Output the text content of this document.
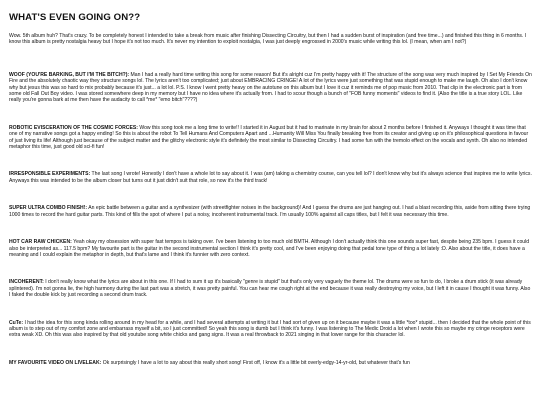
WHAT'S EVEN GOING ON??

Wow. 5th album huh? That's crazy. To be completely honest I intended to take a break from music after finishing Dissecting Circuitry, but then I had a sudden burst of inspiration (and free time...) and finished this thing in 6 months. I know this album is pretty nostalgia heavy but I hope it's not too much. It's never my intention to exploit nostalgia, I was just deeply engrossed in 2000's music while writing this lol. (I mean, when am I not?)

WOOF (YOU'RE BARKING, BUT I'M THE BITCH?): Man I had a really hard time writing this song for some reason! But it's alright cuz I'm pretty happy with it! The structure of the song was very much inspired by I Set My Friends On Fire and the absolutely chaotic way they structure songs lol. The lyrics aren't too complicated; just about EMBRACING CRINGE! A lot of the lyrics were just something that was stupid enough to make me laugh. Oh also I don't know why but jesus this was so hard to mix probably because it's just... a lot lol. P.S. I know I went pretty heavy on the autotune on this album but I love it cuz it reminds me of pop music from 2010. That clip in the electronic part is from some old Fall Out Boy video. I was stored somewhere deep in my memory but I have no idea where it's actually from. I had to scour though a bunch of "FOB funny moments" videos to find it. (Also the title is a true story LOL. Like really you're gonna bark at me then have the audacity to call *me* "emo bitch"????)

ROBOTIC EVISCERATION OF THE COSMIC FORCES: Wow this song took me a long time to write!! I started it in August but it had to marinate in my brain for about 2 months before I finished it. Anyways I thought it was time that one of my narrative songs got a happy ending! So this is about the robot To Tell Humans And Computers Apart and ...Humanity Will Miss You finally breaking free from its creator and giving up on it's philosophical questions in favour of just living its life! Although just because of the subject matter and the glitchy electronic style it's definitely the most similar to Dissecting Circuitry. I had some fun with the tremolo effect on the vocals and synth. Oh also no intended metaphor this time, just good old sci-fi fun!

IRRESPONSIBLE EXPERIMENTS: The last song I wrote! Honestly I don't have a whole lot to say about it. I was (am) taking a chemistry course, can you tell lol? I don't know why but it's always science that inspires me to write lyrics. Anyways this was intended to be the album closer but turns out it just didn't suit that role, so now it's the third track!

SUPER ULTRA COMBO FINISH!: An epic battle between a guitar and a synthesizer (with streetfighter noises in the background)! And I guess the drums are just hanging out. I had a blast recording this, aside from sitting there trying 1000 times to record the hard guitar parts. This kind of fills the spot of where I put a noisy, incoherent instrumental track. I'm usually 100% against all caps titles, but I felt it was necessary this time.

HOT CAR RAW CHICKEN: Yeah okay my obsession with super fast tempos is taking over. I've been listening to too much old BMTH. Although I don't actually think this one sounds super fast, despite being 235 bpm. I guess it could also be interpreted as... 117.5 bpm? My favourite part is the guitar in the second instrumental section I think it's pretty cool, and I've been enjoying doing that pedal tone type of thing a lot lately :D. Also about the title, it does have a meaning and I could explain the metaphor in depth, but that's lame and I think it's funnier with zero context.

INCOHERENT: I don't really know what the lyrics are about in this one. If I had to sum it up it's basically "genre is stupid" but that's only very vaguely the theme lol. The drums were so fun to do, I broke a drum stick (it was already splintered). I'm not gonna lie, the high harmony during the last part was a stretch, it was pretty painful. You can hear me cough right at the end because it was really destroying my voice, but I left it in cause I thought it was funny. Also I faked the double kick by just recording a second drum track.

CuTe: I had the idea for this song kinda rolling around in my head for a while, and I had several attempts at writing it but I had sort of given up on it because maybe it was a little *too* stupid... then I decided that the whole point of this album is to step out of my comfort zone and embarrass myself a bit, so I just committed! So yeah this song is dumb but I think it's funny. I was listening to The Medic Droid a lot when I wrote this so maybe my cringe receptors were extra weak XD. Oh this was also inspired by that old youtube song white chicks and gang signs. It was a real throwback to 2021 singing in that lower range for this character lol.

MY FAVOURITE VIDEO ON LIVELEAK: Ok surprisingly I have a lot to say about this really short song! First off, I know it's a little bit overly-edgy-14-yr-old, but whatever that's fun
